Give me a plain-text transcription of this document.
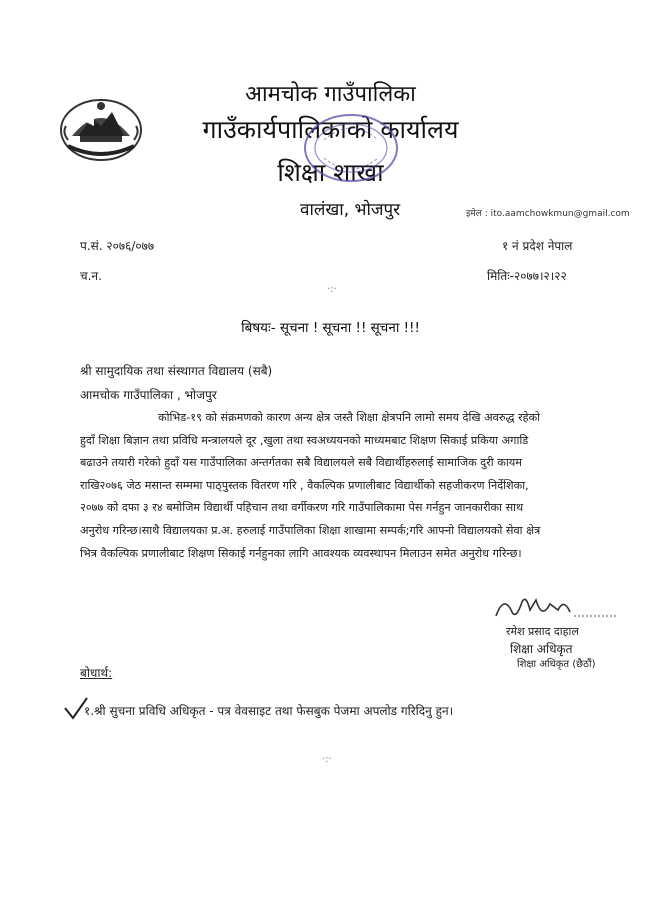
आमचोक गाउँपालिका
गाउँकार्यपालिकाको कार्यालय
शिक्षा शाखा
वालंखा, भोजपुर	इमेल : ito.aamchowkmun@gmail.com
प.सं. २०७६/०७७	१ नं प्रदेश नेपाल
च.न.	मितिः-२०७७।२।२२
·:·
बिषयः- सूचना ! सूचना !! सूचना !!!
श्री सामुदायिक तथा संस्थागत विद्यालय (सबै)
आमचोक गाउँपालिका , भोजपुर
कोभिड-१९ को संक्रमणको कारण अन्य क्षेत्र जस्तै शिक्षा क्षेत्रपनि लामो समय देखि अवरुद्ध रहेको
हुदाँ शिक्षा बिज्ञान तथा प्रविधि मन्त्रालयले दूर ,खुला तथा स्वअध्ययनको माध्यमबाट शिक्षण सिकाई प्रकिया अगाडि
बढाउने तयारी गरेको हुदाँ यस गाउँपालिका अन्तर्गतका सबै विद्यालयले सबै विद्यार्थीहरुलाई सामाजिक दुरी कायम
राखि२०७६ जेठ मसान्त सम्ममा पाठ्पुस्तक वितरण गरि , वैकल्पिक प्रणालीबाट विद्यार्थीको सहजीकरण निर्देशिका,
२०७७ को दफा ३ र४ बमोजिम विद्यार्थी पहिचान तथा वर्गीकरण गरि गाउँपालिकामा पेस गर्नहुन जानकारीका साथ
अनुरोध गरिन्छ।साथै विद्यालयका प्र.अ. हरुलाई गाउँपालिका शिक्षा शाखामा सम्पर्क;गरि आफ्नो विद्यालयको सेवा क्षेत्र
भित्र वैकल्पिक प्रणालीबाट शिक्षण सिकाई गर्नहुनका लागि आवश्यक व्यवस्थापन मिलाउन समेत अनुरोध गरिन्छ।
रमेश प्रसाद दाहाल
शिक्षा अधिकृत
शिक्षा अधिकृत (छैठौं)
बोधार्थ:
१.श्री सुचना प्रविधि अधिकृत - पत्र वेवसाइट तथा फेसबुक पेजमा अपलोड गरिदिनु हुन।
·:·
